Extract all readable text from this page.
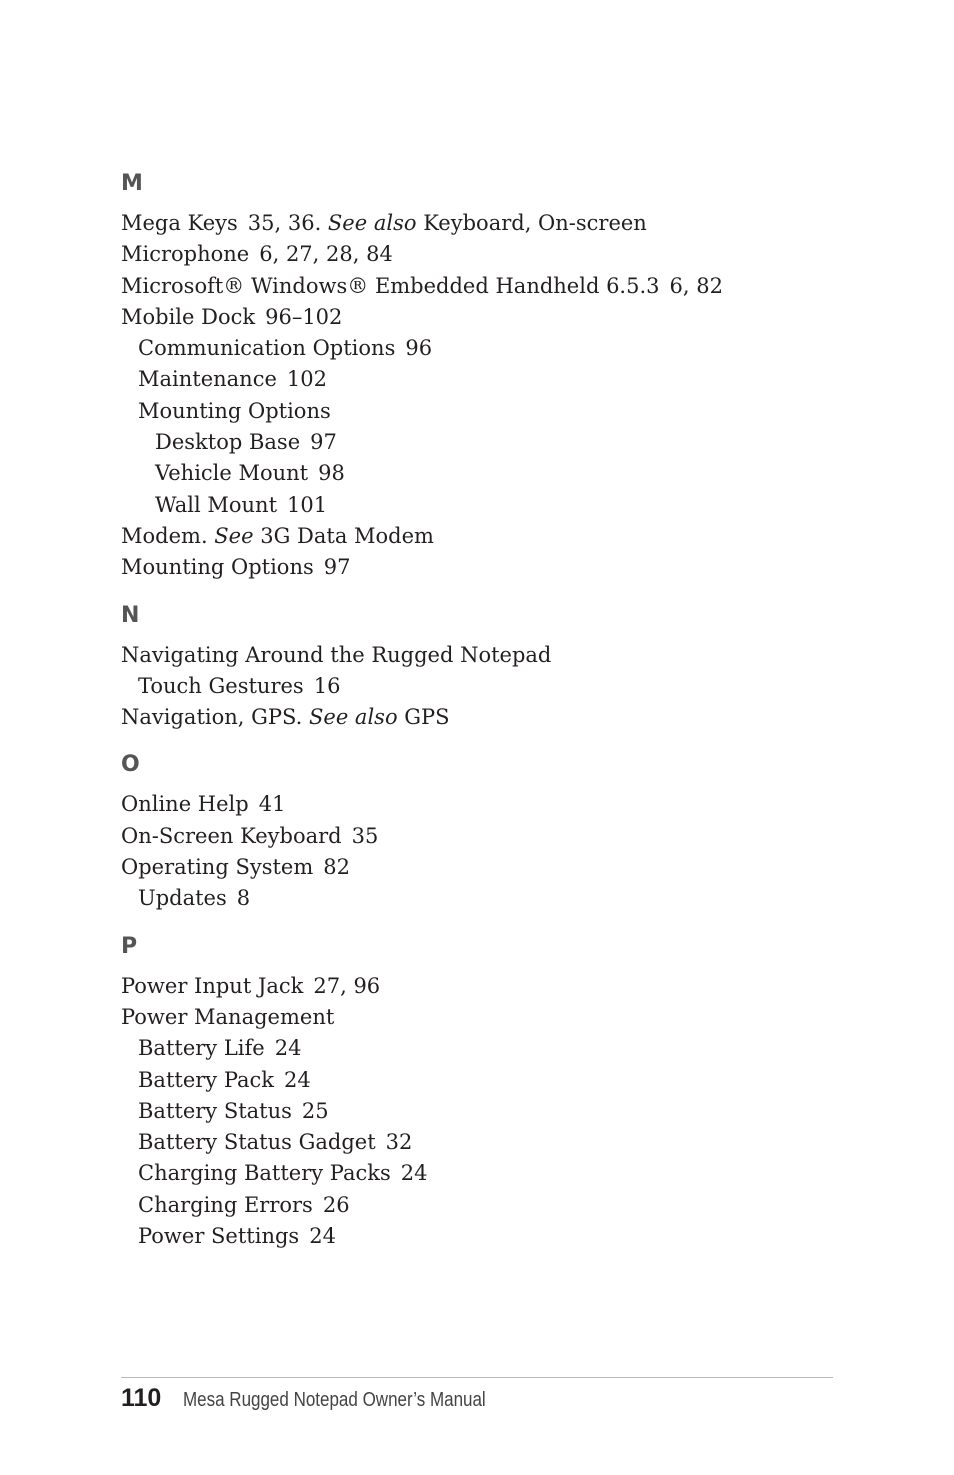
M
Mega Keys 35, 36. See also Keyboard, On-screen
Microphone 6, 27, 28, 84
Microsoft® Windows® Embedded Handheld 6.5.3 6, 82
Mobile Dock 96–102
Communication Options 96
Maintenance 102
Mounting Options
Desktop Base 97
Vehicle Mount 98
Wall Mount 101
Modem. See 3G Data Modem
Mounting Options 97
N
Navigating Around the Rugged Notepad
Touch Gestures 16
Navigation, GPS. See also GPS
O
Online Help 41
On-Screen Keyboard 35
Operating System 82
Updates 8
P
Power Input Jack 27, 96
Power Management
Battery Life 24
Battery Pack 24
Battery Status 25
Battery Status Gadget 32
Charging Battery Packs 24
Charging Errors 26
Power Settings 24
110 Mesa Rugged Notepad Owner’s Manual
